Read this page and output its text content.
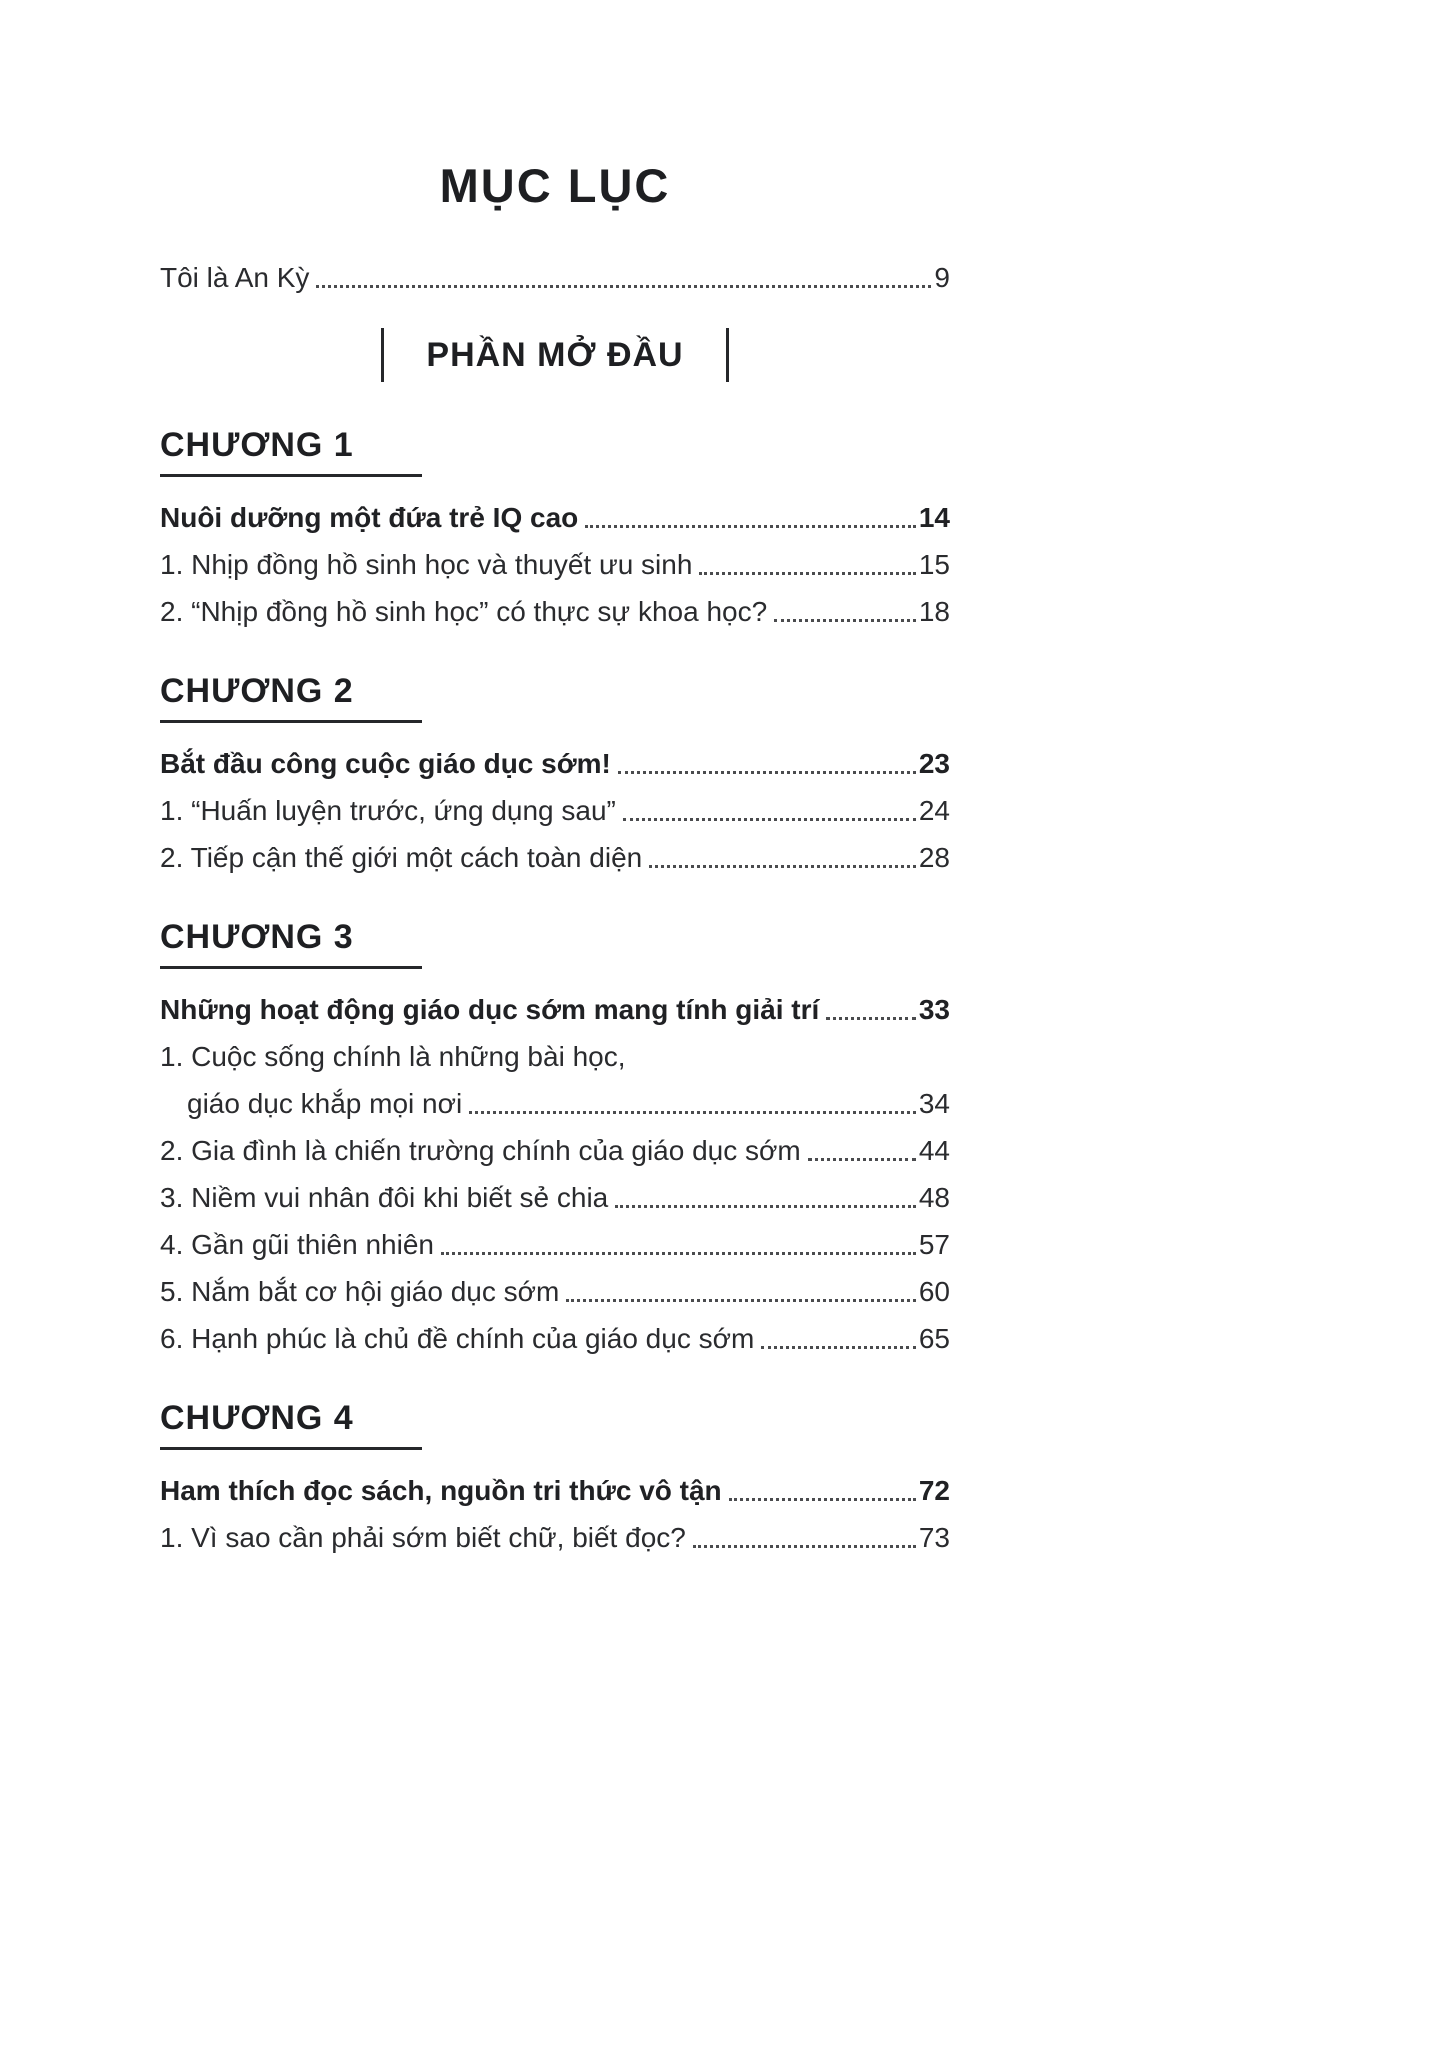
MỤC LỤC
Tôi là An Kỳ	9
PHẦN MỞ ĐẦU
CHƯƠNG 1
Nuôi dưỡng một đứa trẻ IQ cao	14
1. Nhịp đồng hồ sinh học và thuyết ưu sinh	15
2. “Nhịp đồng hồ sinh học” có thực sự khoa học?	18
CHƯƠNG 2
Bắt đầu công cuộc giáo dục sớm!	23
1. “Huấn luyện trước, ứng dụng sau”	24
2. Tiếp cận thế giới một cách toàn diện	28
CHƯƠNG 3
Những hoạt động giáo dục sớm mang tính giải trí	33
1. Cuộc sống chính là những bài học,
giáo dục khắp mọi nơi	34
2. Gia đình là chiến trường chính của giáo dục sớm	44
3. Niềm vui nhân đôi khi biết sẻ chia	48
4. Gần gũi thiên nhiên	57
5. Nắm bắt cơ hội giáo dục sớm	60
6. Hạnh phúc là chủ đề chính của giáo dục sớm	65
CHƯƠNG 4
Ham thích đọc sách, nguồn tri thức vô tận	72
1. Vì sao cần phải sớm biết chữ, biết đọc?	73
